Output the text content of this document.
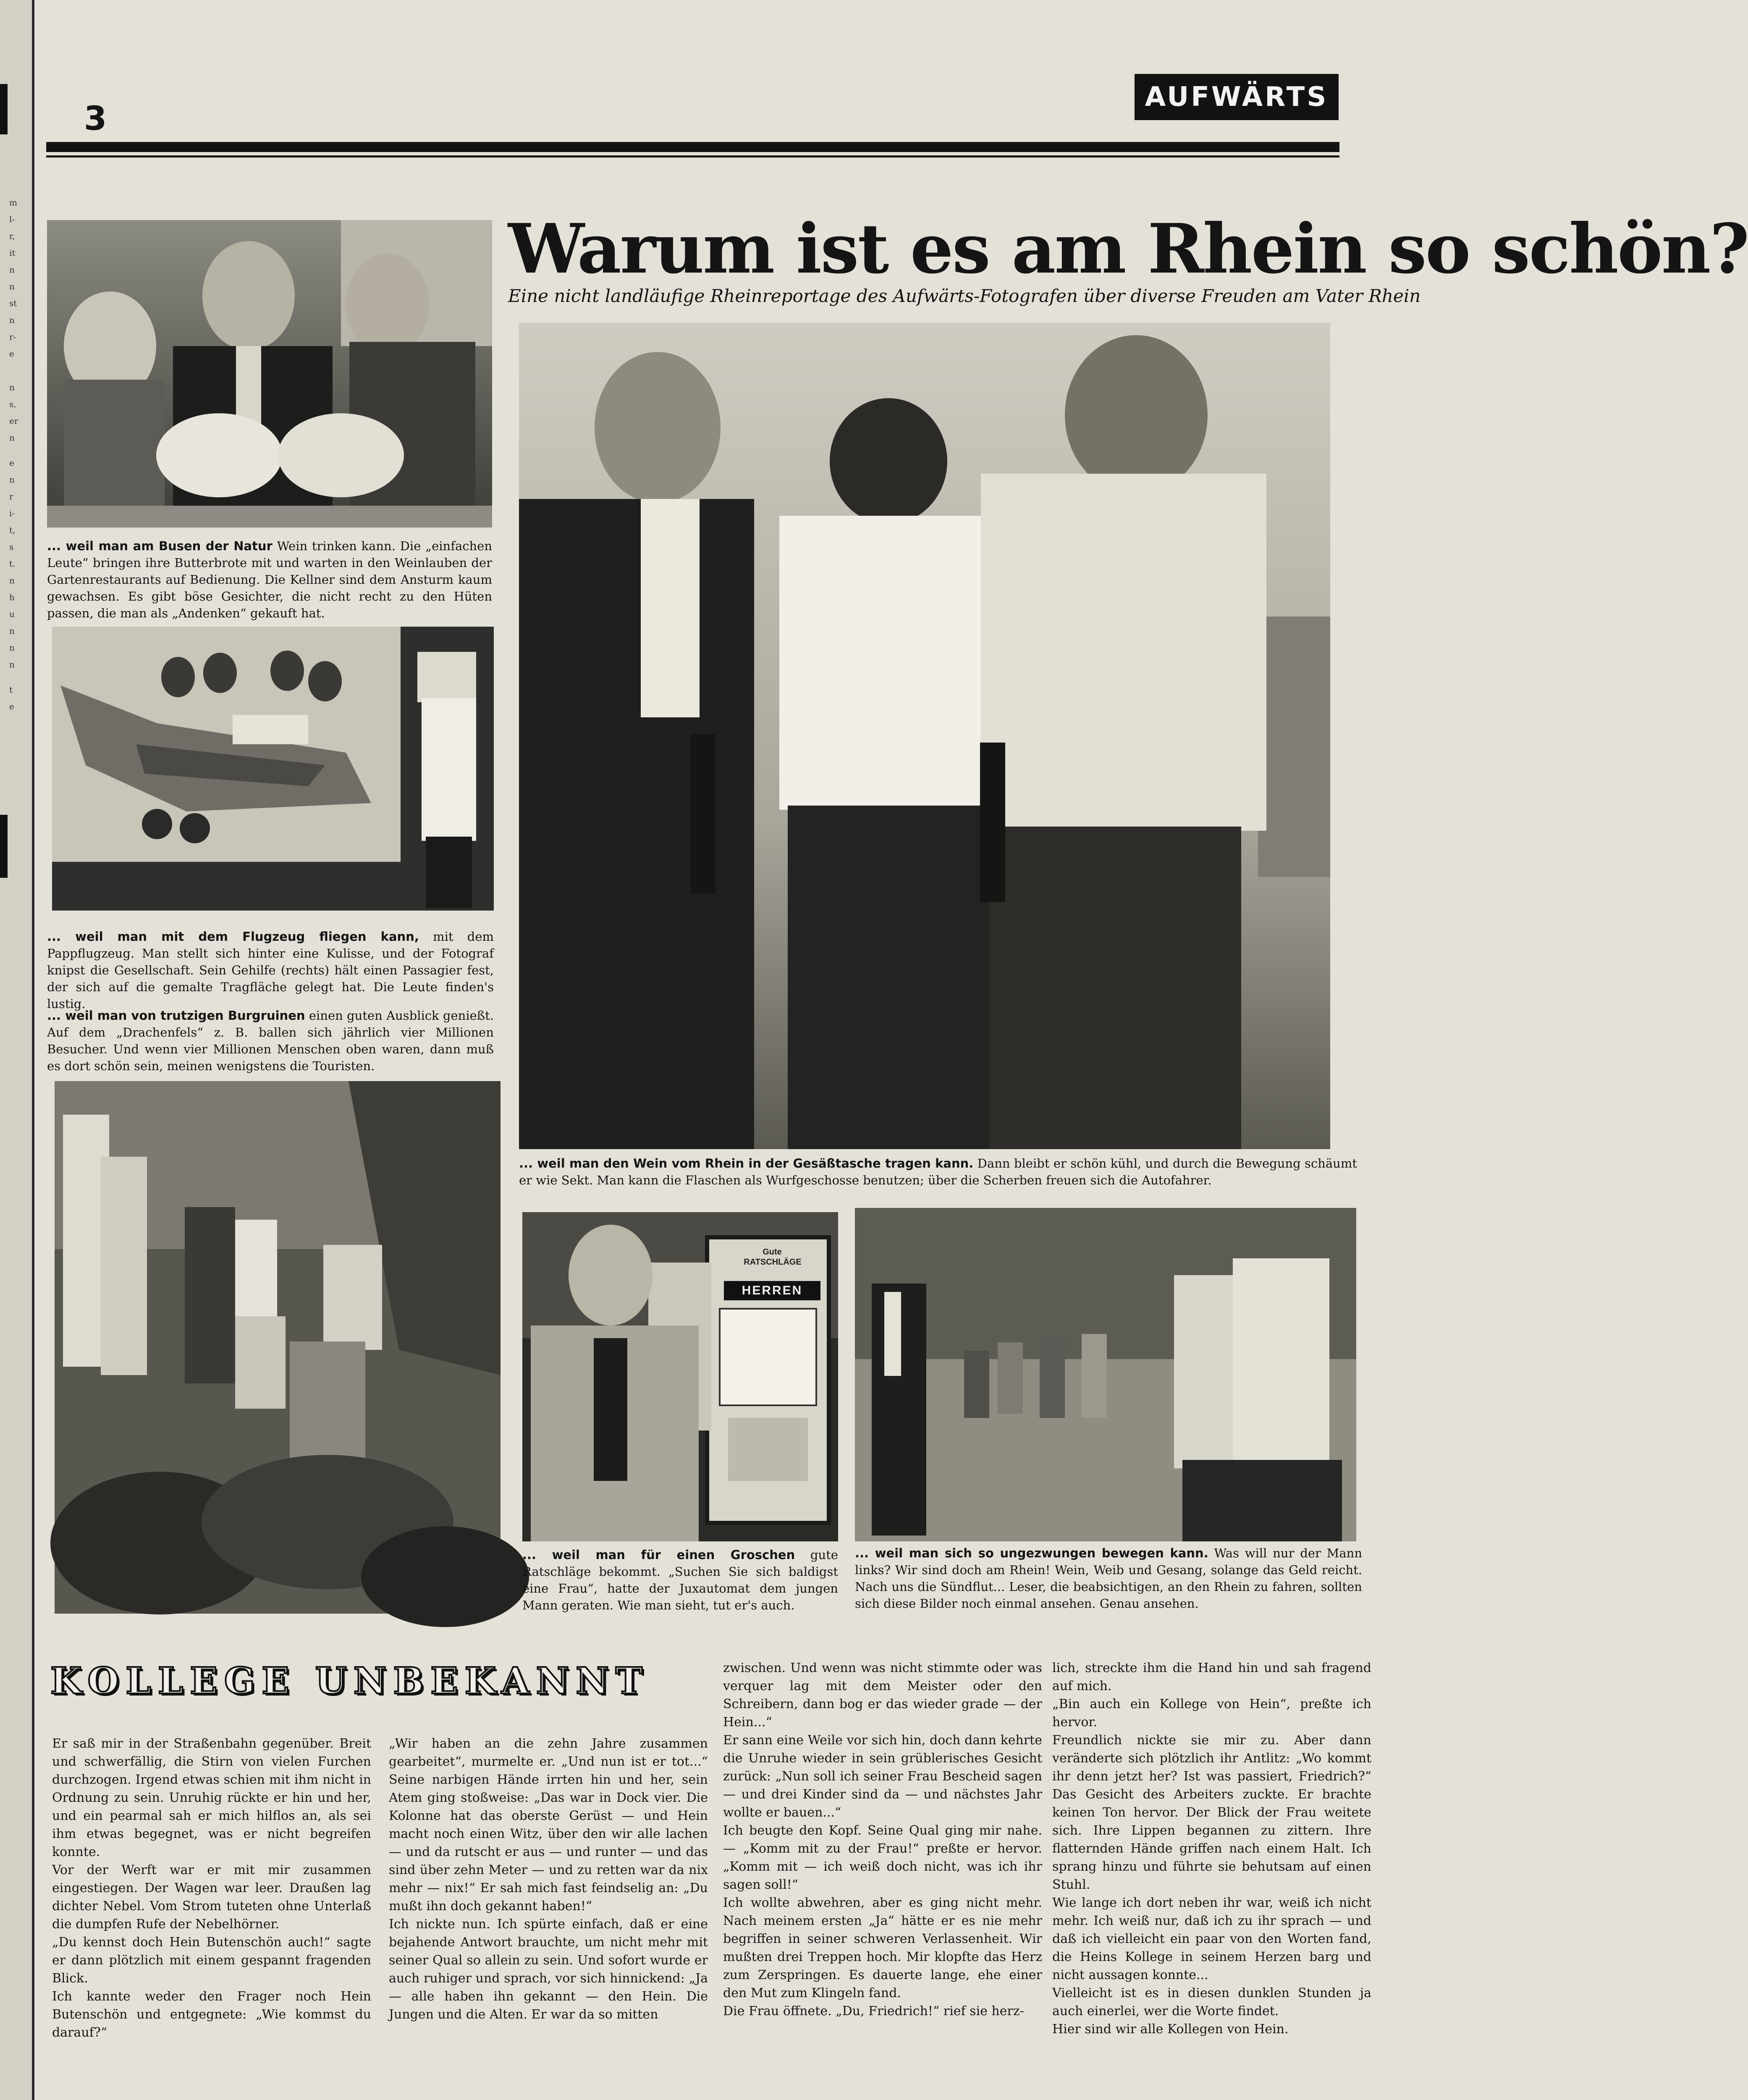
m
l-
r,
it
n
n
st
n
r-
e
n
s,
er
n
e
n
r
i-
t,
s
t.
n
h
u
n
n
n
t
e
3
AUFWÄRTS
Warum ist es am Rhein so schön?
Eine nicht landläufige Rheinreportage des Aufwärts-Fotografen über diverse Freuden am Vater Rhein
... weil man am Busen der Natur Wein trinken kann. Die „einfachen Leute“ bringen ihre Butterbrote mit und warten in den Weinlauben der Gartenrestaurants auf Bedienung. Die Kellner sind dem Ansturm kaum gewachsen. Es gibt böse Gesichter, die nicht recht zu den Hüten passen, die man als „Andenken“ gekauft hat.
... weil man mit dem Flugzeug fliegen kann, mit dem Pappflugzeug. Man stellt sich hinter eine Kulisse, und der Fotograf knipst die Gesellschaft. Sein Gehilfe (rechts) hält einen Passagier fest, der sich auf die gemalte Tragfläche gelegt hat. Die Leute finden's lustig.
... weil man von trutzigen Burgruinen einen guten Ausblick genießt. Auf dem „Drachenfels“ z. B. ballen sich jährlich vier Millionen Besucher. Und wenn vier Millionen Menschen oben waren, dann muß es dort schön sein, meinen wenigstens die Touristen.
... weil man den Wein vom Rhein in der Gesäßtasche tragen kann. Dann bleibt er schön kühl, und durch die Bewegung schäumt er wie Sekt. Man kann die Flaschen als Wurfgeschosse benutzen; über die Scherben freuen sich die Autofahrer.
Gute
RATSCHLÄGE
HERREN
... weil man für einen Groschen gute Ratschläge bekommt. „Suchen Sie sich baldigst eine Frau“, hatte der Juxautomat dem jungen Mann geraten. Wie man sieht, tut er's auch.
... weil man sich so ungezwungen bewegen kann. Was will nur der Mann links? Wir sind doch am Rhein! Wein, Weib und Gesang, solange das Geld reicht. Nach uns die Sündflut... Leser, die beabsichtigen, an den Rhein zu fahren, sollten sich diese Bilder noch einmal ansehen. Genau ansehen.
KOLLEGE UNBEKANNT

Er saß mir in der Straßenbahn gegenüber. Breit und schwerfällig, die Stirn von vielen Furchen durchzogen. Irgend etwas schien mit ihm nicht in Ordnung zu sein. Unruhig rückte er hin und her, und ein pearmal sah er mich hilflos an, als sei ihm etwas begegnet, was er nicht begreifen konnte.

Vor der Werft war er mit mir zusammen eingestiegen. Der Wagen war leer. Draußen lag dichter Nebel. Vom Strom tuteten ohne Unterlaß die dumpfen Rufe der Nebelhörner.

„Du kennst doch Hein Butenschön auch!“ sagte er dann plötzlich mit einem gespannt fragenden Blick.

Ich kannte weder den Frager noch Hein Butenschön und entgegnete: „Wie kommst du darauf?“

„Wir haben an die zehn Jahre zusammen gearbeitet“, murmelte er. „Und nun ist er tot...“ Seine narbigen Hände irrten hin und her, sein Atem ging stoßweise: „Das war in Dock vier. Die Kolonne hat das oberste Gerüst — und Hein macht noch einen Witz, über den wir alle lachen — und da rutscht er aus — und runter — und das sind über zehn Meter — und zu retten war da nix mehr — nix!“ Er sah mich fast feindselig an: „Du mußt ihn doch gekannt haben!“

Ich nickte nun. Ich spürte einfach, daß er eine bejahende Antwort brauchte, um nicht mehr mit seiner Qual so allein zu sein. Und sofort wurde er auch ruhiger und sprach, vor sich hinnickend: „Ja — alle haben ihn gekannt — den Hein. Die Jungen und die Alten. Er war da so mitten

zwischen. Und wenn was nicht stimmte oder was verquer lag mit dem Meister oder den Schreibern, dann bog er das wieder grade — der Hein...“

Er sann eine Weile vor sich hin, doch dann kehrte die Unruhe wieder in sein grüblerisches Gesicht zurück: „Nun soll ich seiner Frau Bescheid sagen — und drei Kinder sind da — und nächstes Jahr wollte er bauen...“

Ich beugte den Kopf. Seine Qual ging mir nahe. — „Komm mit zu der Frau!“ preßte er hervor. „Komm mit — ich weiß doch nicht, was ich ihr sagen soll!“

Ich wollte abwehren, aber es ging nicht mehr. Nach meinem ersten „Ja“ hätte er es nie mehr begriffen in seiner schweren Verlassenheit. Wir mußten drei Treppen hoch. Mir klopfte das Herz zum Zerspringen. Es dauerte lange, ehe einer den Mut zum Klingeln fand.

Die Frau öffnete. „Du, Friedrich!“ rief sie herz-

lich, streckte ihm die Hand hin und sah fragend auf mich.

„Bin auch ein Kollege von Hein“, preßte ich hervor.

Freundlich nickte sie mir zu. Aber dann veränderte sich plötzlich ihr Antlitz: „Wo kommt ihr denn jetzt her? Ist was passiert, Friedrich?“ Das Gesicht des Arbeiters zuckte. Er brachte keinen Ton hervor. Der Blick der Frau weitete sich. Ihre Lippen begannen zu zittern. Ihre flatternden Hände griffen nach einem Halt. Ich sprang hinzu und führte sie behutsam auf einen Stuhl.

Wie lange ich dort neben ihr war, weiß ich nicht mehr. Ich weiß nur, daß ich zu ihr sprach — und daß ich vielleicht ein paar von den Worten fand, die Heins Kollege in seinem Herzen barg und nicht aussagen konnte...

Vielleicht ist es in diesen dunklen Stunden ja auch einerlei, wer die Worte findet.

Hier sind wir alle Kollegen von Hein.
